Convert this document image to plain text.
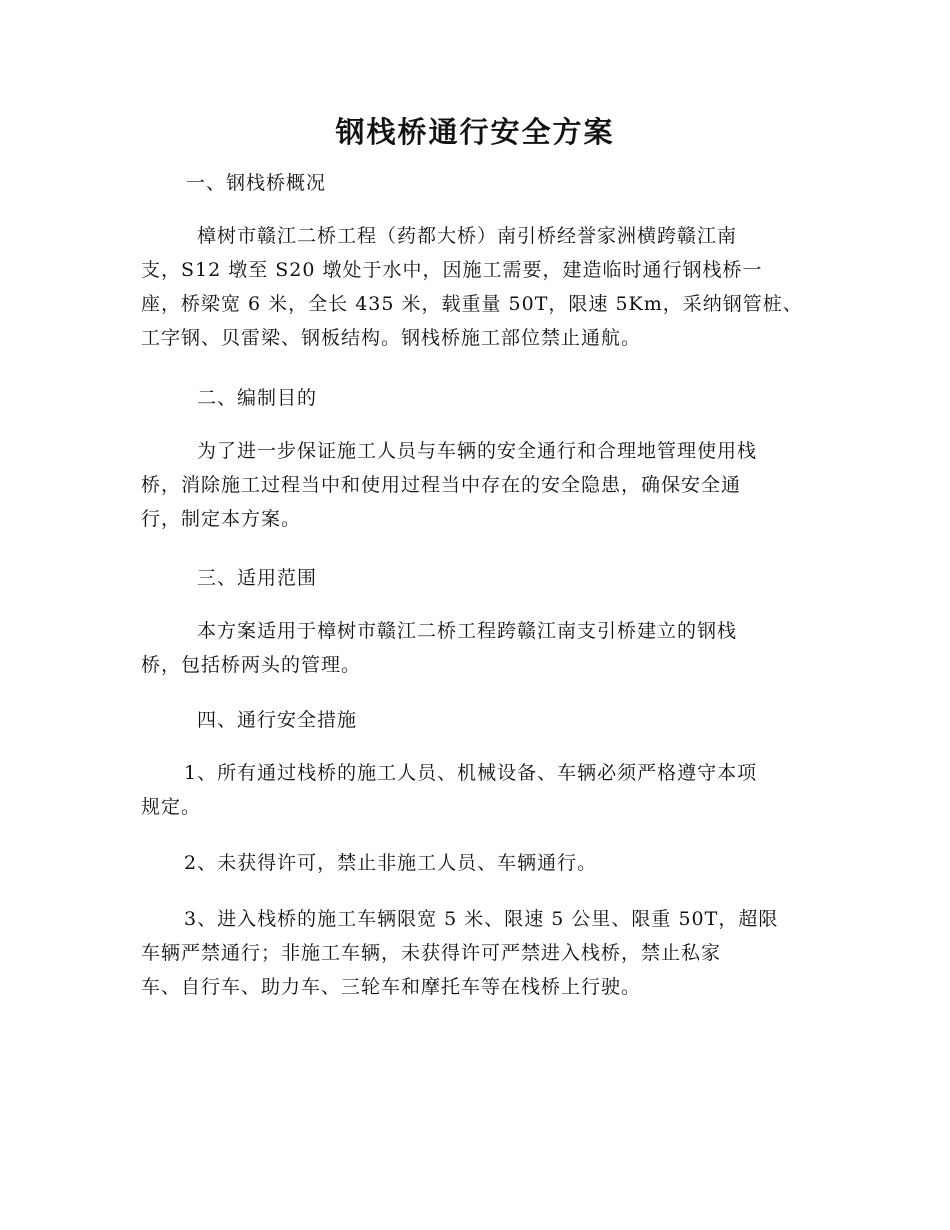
钢栈桥通行安全方案
一、钢栈桥概况
樟树市赣江二桥工程（药都大桥）南引桥经誉家洲横跨赣江南
支，S12 墩至 S20 墩处于水中，因施工需要，建造临时通行钢栈桥一
座，桥梁宽 6 米，全长 435 米，载重量 50T，限速 5Km，采纳钢管桩、
工字钢、贝雷梁、钢板结构。钢栈桥施工部位禁止通航。
二、编制目的
为了进一步保证施工人员与车辆的安全通行和合理地管理使用栈
桥，消除施工过程当中和使用过程当中存在的安全隐患，确保安全通
行，制定本方案。
三、适用范围
本方案适用于樟树市赣江二桥工程跨赣江南支引桥建立的钢栈
桥，包括桥两头的管理。
四、通行安全措施
1、所有通过栈桥的施工人员、机械设备、车辆必须严格遵守本项
规定。
2、未获得许可，禁止非施工人员、车辆通行。
3、进入栈桥的施工车辆限宽 5 米、限速 5 公里、限重 50T，超限
车辆严禁通行；非施工车辆，未获得许可严禁进入栈桥，禁止私家
车、自行车、助力车、三轮车和摩托车等在栈桥上行驶。
